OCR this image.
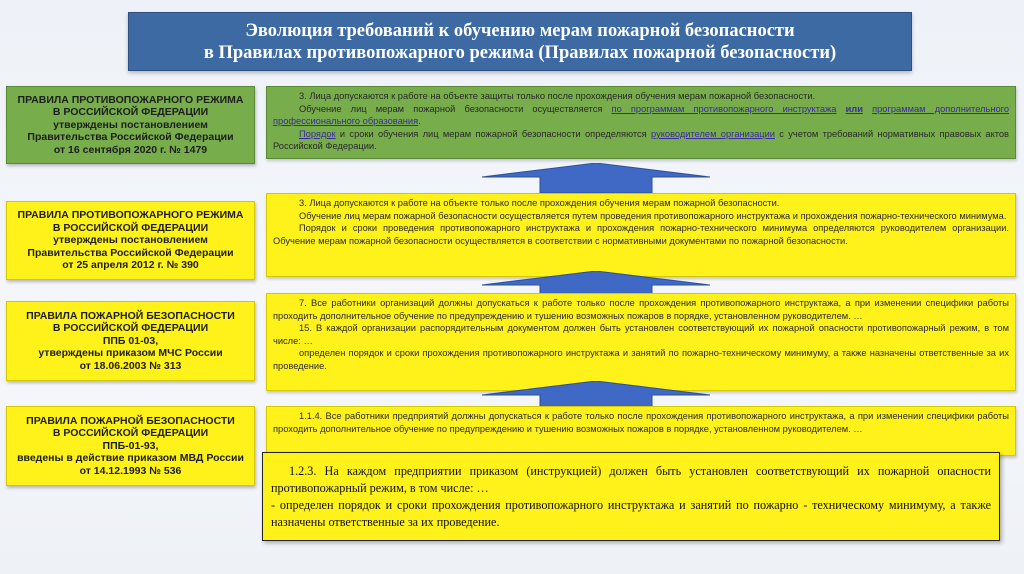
Эволюция требований к обучению мерам пожарной безопасности
в Правилах противопожарного режима (Правилах пожарной безопасности)
ПРАВИЛА ПРОТИВОПОЖАРНОГО РЕЖИМА
В РОССИЙСКОЙ ФЕДЕРАЦИИ
утверждены постановлением
Правительства Российской Федерации
от 16 сентября 2020 г. № 1479

3. Лица допускаются к работе на объекте защиты только после прохождения обучения мерам пожарной безопасности.

Обучение лиц мерам пожарной безопасности осуществляется по программам противопожарного инструктажа или программам дополнительного профессионального образования.

Порядок и сроки обучения лиц мерам пожарной безопасности определяются руководителем организации с учетом требований нормативных правовых актов Российской Федерации.

ПРАВИЛА ПРОТИВОПОЖАРНОГО РЕЖИМА
В РОССИЙСКОЙ ФЕДЕРАЦИИ
утверждены постановлением
Правительства Российской Федерации
от 25 апреля 2012 г. № 390

3. Лица допускаются к работе на объекте только после прохождения обучения мерам пожарной безопасности.

Обучение лиц мерам пожарной безопасности осуществляется путем проведения противопожарного инструктажа и прохождения пожарно-технического минимума.

Порядок и сроки проведения противопожарного инструктажа и прохождения пожарно-технического минимума определяются руководителем организации. Обучение мерам пожарной безопасности осуществляется в соответствии с нормативными документами по пожарной безопасности.

ПРАВИЛА ПОЖАРНОЙ БЕЗОПАСНОСТИ
В РОССИЙСКОЙ ФЕДЕРАЦИИ
ППБ 01-03,
утверждены приказом МЧС России
от 18.06.2003 № 313

7. Все работники организаций должны допускаться к работе только после прохождения противопожарного инструктажа, а при изменении специфики работы проходить дополнительное обучение по предупреждению и тушению возможных пожаров в порядке, установленном руководителем. …

15. В каждой организации распорядительным документом должен быть установлен соответствующий их пожарной опасности противопожарный режим, в том числе: …

определен порядок и сроки прохождения противопожарного инструктажа и занятий по пожарно-техническому минимуму, а также назначены ответственные за их проведение.

ПРАВИЛА ПОЖАРНОЙ БЕЗОПАСНОСТИ
В РОССИЙСКОЙ ФЕДЕРАЦИИ
ППБ-01-93,
введены в действие приказом МВД России
от 14.12.1993 № 536

1.1.4. Все работники предприятий должны допускаться к работе только после прохождения противопожарного инструктажа, а при изменении специфики работы проходить дополнительное обучение по предупреждению и тушению возможных пожаров в порядке, установленном руководителем. …

1.2.3. На каждом предприятии приказом (инструкцией) должен быть установлен соответствующий их пожарной опасности противопожарный режим, в том числе: …

- определен порядок и сроки прохождения противопожарного инструктажа и занятий по пожарно - техническому минимуму, а также назначены ответственные за их проведение.
